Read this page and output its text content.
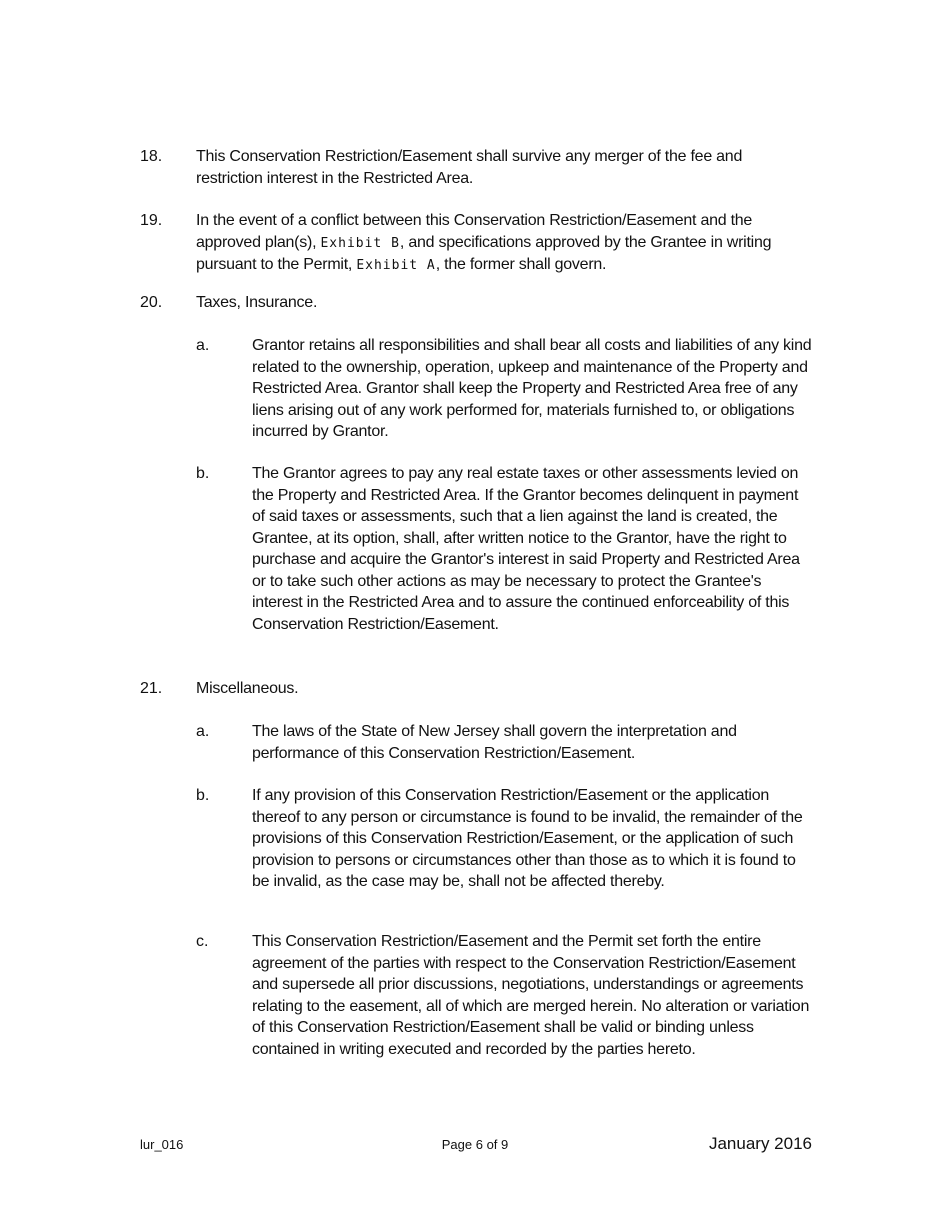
18. This Conservation Restriction/Easement shall survive any merger of the fee and restriction interest in the Restricted Area.
19. In the event of a conflict between this Conservation Restriction/Easement and the approved plan(s), Exhibit B, and specifications approved by the Grantee in writing pursuant to the Permit, Exhibit A, the former shall govern.
20. Taxes, Insurance.
a.	Grantor retains all responsibilities and shall bear all costs and liabilities of any kind related to the ownership, operation, upkeep and maintenance of the Property and Restricted Area. Grantor shall keep the Property and Restricted Area free of any liens arising out of any work performed for, materials furnished to, or obligations incurred by Grantor.
b.	The Grantor agrees to pay any real estate taxes or other assessments levied on the Property and Restricted Area. If the Grantor becomes delinquent in payment of said taxes or assessments, such that a lien against the land is created, the Grantee, at its option, shall, after written notice to the Grantor, have the right to purchase and acquire the Grantor's interest in said Property and Restricted Area or to take such other actions as may be necessary to protect the Grantee's interest in the Restricted Area and to assure the continued enforceability of this Conservation Restriction/Easement.
21. Miscellaneous.
a.	The laws of the State of New Jersey shall govern the interpretation and performance of this Conservation Restriction/Easement.
b.	If any provision of this Conservation Restriction/Easement or the application thereof to any person or circumstance is found to be invalid, the remainder of the provisions of this Conservation Restriction/Easement, or the application of such provision to persons or circumstances other than those as to which it is found to be invalid, as the case may be, shall not be affected thereby.
c.	This Conservation Restriction/Easement and the Permit set forth the entire agreement of the parties with respect to the Conservation Restriction/Easement and supersede all prior discussions, negotiations, understandings or agreements relating to the easement, all of which are merged herein. No alteration or variation of this Conservation Restriction/Easement shall be valid or binding unless contained in writing executed and recorded by the parties hereto.
lur_016	Page 6 of 9	January 2016
